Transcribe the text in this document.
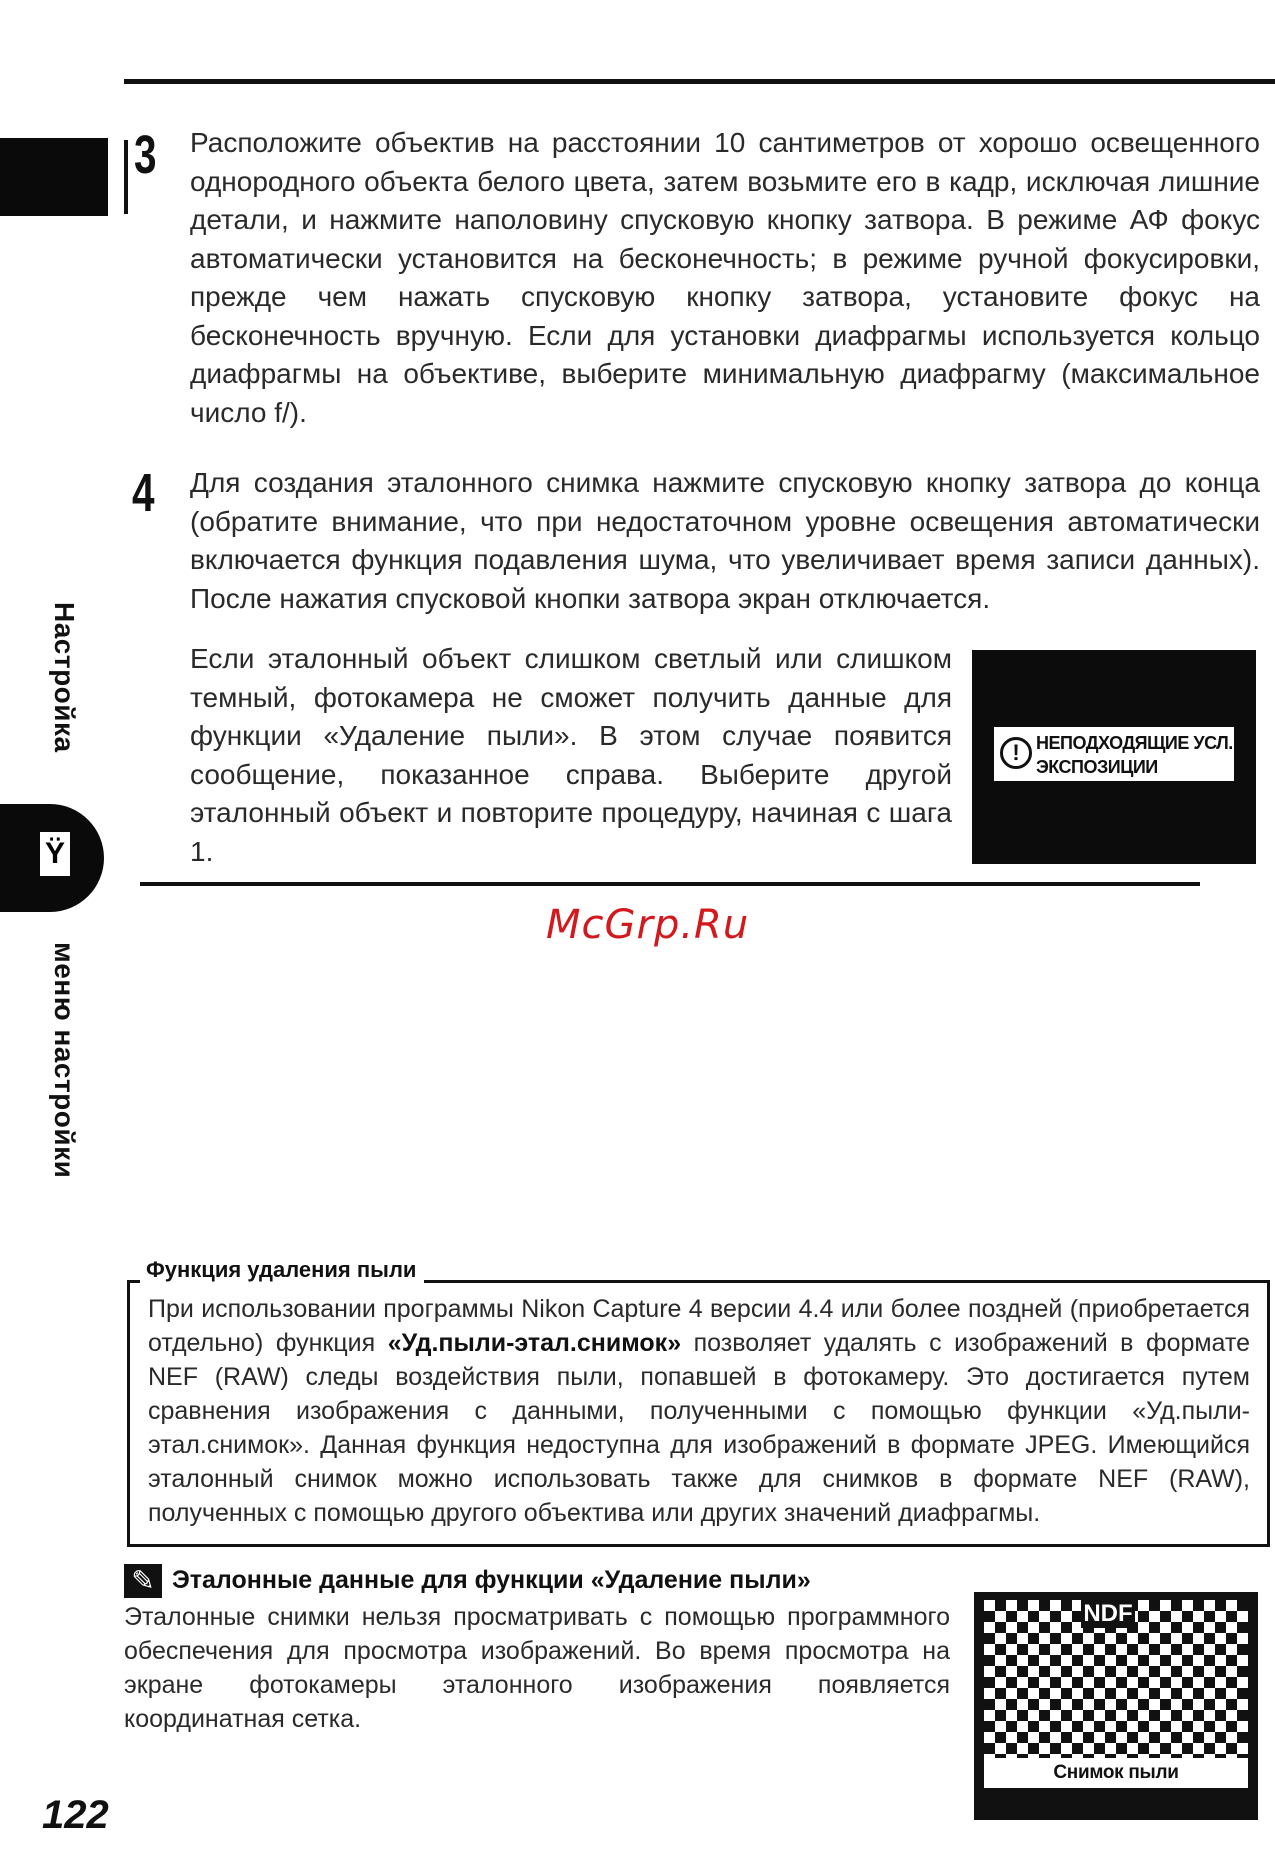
3 Расположите объектив на расстоянии 10 сантиметров от хорошо освещенного однородного объекта белого цвета, затем возьмите его в кадр, исключая лишние детали, и нажмите наполовину спусковую кнопку затвора. В режиме АФ фокус автоматически установится на бесконечность; в режиме ручной фокусировки, прежде чем нажать спусковую кнопку затвора, установите фокус на бесконечность вручную. Если для установки диафрагмы используется кольцо диафрагмы на объективе, выберите минимальную диафрагму (максимальное число f/).

4 Для создания эталонного снимка нажмите спусковую кнопку затвора до конца (обратите внимание, что при недостаточном уровне освещения автоматически включается функция подавления шума, что увеличивает время записи данных). После нажатия спусковой кнопки затвора экран отключается.

Если эталонный объект слишком светлый или слишком темный, фотокамера не сможет получить данные для функции «Удаление пыли». В этом случае появится сообщение, показанное справа. Выберите другой эталонный объект и повторите процедуру, начиная с шага 1.

! НЕПОДХОДЯЩИЕ УСЛ.
ЭКСПОЗИЦИИ
McGrp.Ru
Настройка
Ÿ
меню настройки
Функция удаления пыли

При использовании программы Nikon Capture 4 версии 4.4 или более поздней (приобретается отдельно) функция «Уд.пыли-этал.снимок» позволяет удалять с изображений в формате NEF (RAW) следы воздействия пыли, попавшей в фотокамеру. Это достигается путем сравнения изображения с данными, полученными с помощью функции «Уд.пыли-этал.снимок». Данная функция недоступна для изображений в формате JPEG. Имеющийся эталонный снимок можно использовать также для снимков в формате NEF (RAW), полученных с помощью другого объектива или других значений диафрагмы.

✎ Эталонные данные для функции «Удаление пыли»

Эталонные снимки нельзя просматривать с помощью программного обеспечения для просмотра изображений. Во время просмотра на экране фотокамеры эталонного изображения появляется координатная сетка.

NDF
Снимок пыли
122
